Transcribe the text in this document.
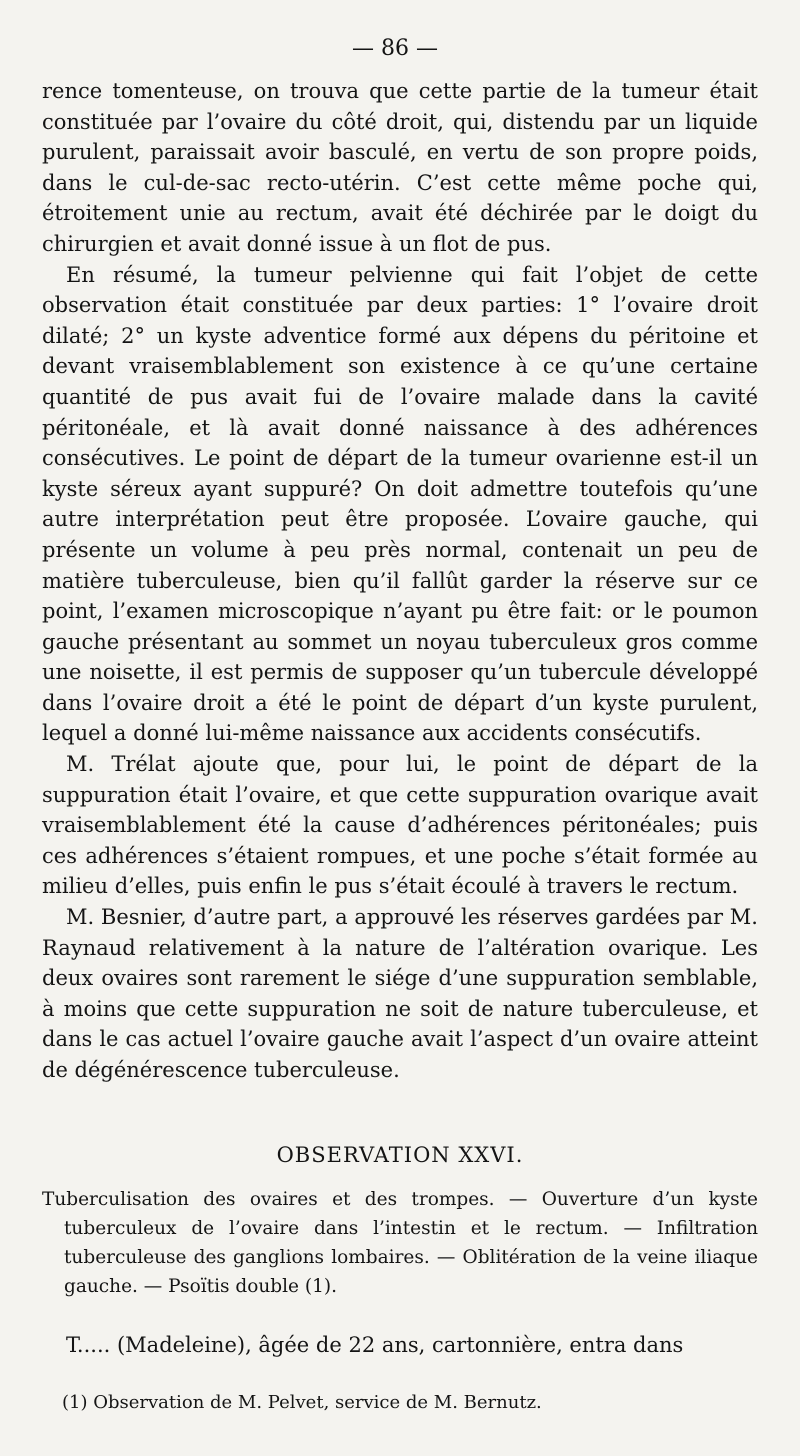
— 86 —

rence tomenteuse, on trouva que cette partie de la tumeur était constituée par l’ovaire du côté droit, qui, distendu par un liquide purulent, paraissait avoir basculé, en vertu de son propre poids, dans le cul-de-sac recto-utérin. C’est cette même poche qui, étroitement unie au rectum, avait été déchirée par le doigt du chirurgien et avait donné issue à un flot de pus.

En résumé, la tumeur pelvienne qui fait l’objet de cette observation était constituée par deux parties: 1° l’ovaire droit dilaté; 2° un kyste adventice formé aux dépens du péritoine et devant vraisemblablement son existence à ce qu’une certaine quantité de pus avait fui de l’ovaire malade dans la cavité péritonéale, et là avait donné naissance à des adhérences consécutives. Le point de départ de la tumeur ovarienne est-il un kyste séreux ayant suppuré? On doit admettre toutefois qu’une autre interprétation peut être proposée. L’ovaire gauche, qui présente un volume à peu près normal, contenait un peu de matière tuberculeuse, bien qu’il fallût garder la réserve sur ce point, l’examen microscopique n’ayant pu être fait: or le poumon gauche présentant au sommet un noyau tuberculeux gros comme une noisette, il est permis de supposer qu’un tubercule développé dans l’ovaire droit a été le point de départ d’un kyste purulent, lequel a donné lui-même naissance aux accidents consécutifs.

M. Trélat ajoute que, pour lui, le point de départ de la suppuration était l’ovaire, et que cette suppuration ovarique avait vraisemblablement été la cause d’adhérences péritonéales; puis ces adhérences s’étaient rompues, et une poche s’était formée au milieu d’elles, puis enfin le pus s’était écoulé à travers le rectum.

M. Besnier, d’autre part, a approuvé les réserves gardées par M. Raynaud relativement à la nature de l’altération ovarique. Les deux ovaires sont rarement le siége d’une suppuration semblable, à moins que cette suppuration ne soit de nature tuberculeuse, et dans le cas actuel l’ovaire gauche avait l’aspect d’un ovaire atteint de dégénérescence tuberculeuse.

OBSERVATION XXVI.

Tuberculisation des ovaires et des trompes. — Ouverture d’un kyste tuberculeux de l’ovaire dans l’intestin et le rectum. — Infiltration tuberculeuse des ganglions lombaires. — Oblitération de la veine iliaque gauche. — Psoïtis double (1).

T..... (Madeleine), âgée de 22 ans, cartonnière, entra dans

(1) Observation de M. Pelvet, service de M. Bernutz.
